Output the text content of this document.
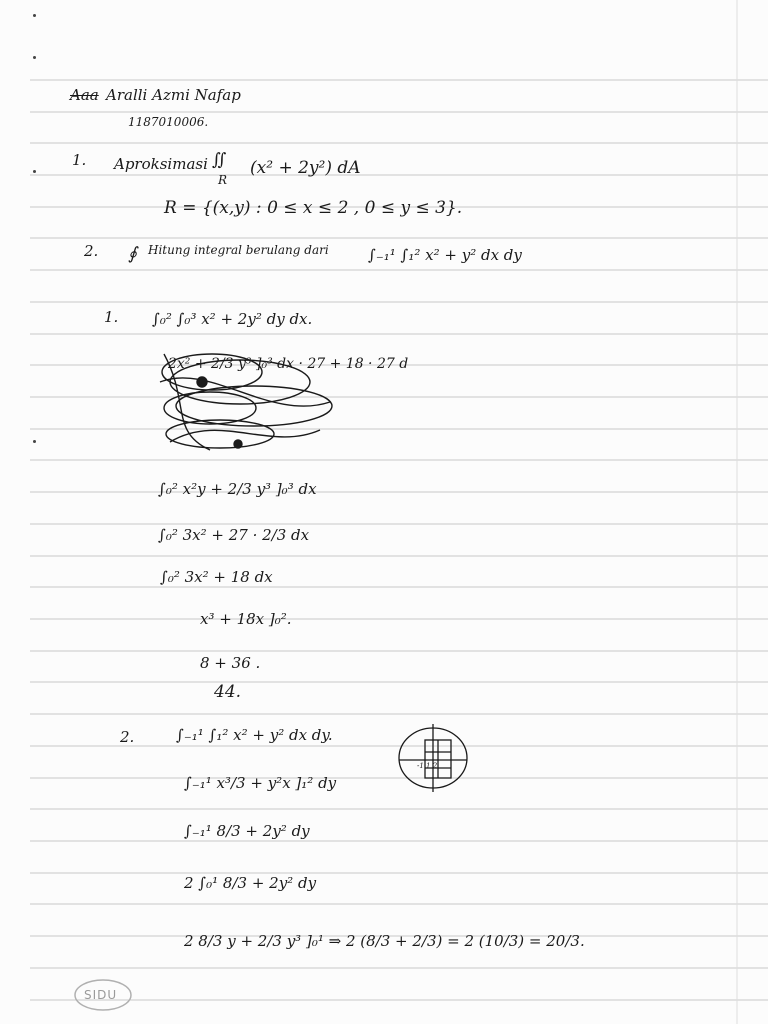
Aaa Aralli Azmi Nafap
1187010006.
1. Aproksimasi ∬
R
(x² + 2y²) dA
R = {(x,y) : 0 ≤ x ≤ 2 , 0 ≤ y ≤ 3}.
2. ∮ Hitung integral berulang dari	∫₋₁¹ ∫₁² x² + y² dx dy
1. ∫₀² ∫₀³ x² + 2y² dy dx.
2x² + 2/3 y³ ]₀³ dx · 27 + 18 · 27 d
∫₀² x²y + 2/3 y³ ]₀³ dx
∫₀² 3x² + 27 · 2/3 dx
∫₀² 3x² + 18 dx
x³ + 18x ]₀².
8 + 36 .
44.
2.	∫₋₁¹ ∫₁² x² + y² dx dy.
-1 1 2
∫₋₁¹ x³/3 + y²x ]₁² dy
∫₋₁¹ 8/3 + 2y² dy
2 ∫₀¹ 8/3 + 2y² dy
2 8/3 y + 2/3 y³ ]₀¹ ⇒ 2 (8/3 + 2/3) = 2 (10/3) = 20/3.
SIDU
